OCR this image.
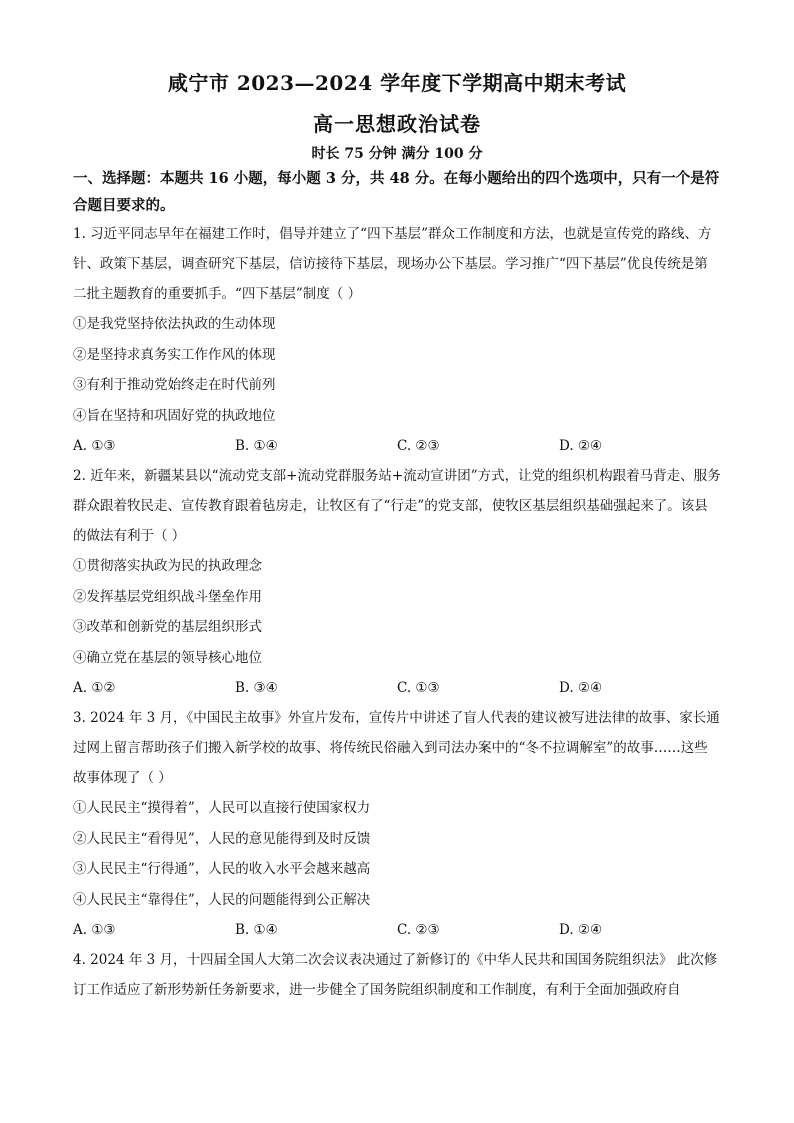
咸宁市 2023—2024 学年度下学期高中期末考试
高一思想政治试卷
时长 75 分钟 满分 100 分
一、选择题：本题共 16 小题，每小题 3 分，共 48 分。在每小题给出的四个选项中，只有一个是符合题目要求的。

1. 习近平同志早年在福建工作时，倡导并建立了“四下基层”群众工作制度和方法，也就是宣传党的路线、方针、政策下基层，调查研究下基层，信访接待下基层，现场办公下基层。学习推广“四下基层”优良传统是第二批主题教育的重要抓手。“四下基层”制度（ ）

①是我党坚持依法执政的生动体现
②是坚持求真务实工作作风的体现
③有利于推动党始终走在时代前列
④旨在坚持和巩固好党的执政地位
A. ①③	B. ①④	C. ②③	D. ②④

2. 近年来，新疆某县以“流动党支部+流动党群服务站+流动宣讲团”方式，让党的组织机构跟着马背走、服务群众跟着牧民走、宣传教育跟着毡房走，让牧区有了“行走”的党支部，使牧区基层组织基础强起来了。该县的做法有利于（ ）

①贯彻落实执政为民的执政理念
②发挥基层党组织战斗堡垒作用
③改革和创新党的基层组织形式
④确立党在基层的领导核心地位
A. ①②	B. ③④	C. ①③	D. ②④

3. 2024 年 3 月，《中国民主故事》外宣片发布，宣传片中讲述了盲人代表的建议被写进法律的故事、家长通过网上留言帮助孩子们搬入新学校的故事、将传统民俗融入到司法办案中的“冬不拉调解室”的故事……这些故事体现了（ ）

①人民民主“摸得着”，人民可以直接行使国家权力
②人民民主“看得见”，人民的意见能得到及时反馈
③人民民主“行得通”，人民的收入水平会越来越高
④人民民主“靠得住”，人民的问题能得到公正解决
A. ①③	B. ①④	C. ②③	D. ②④

4. 2024 年 3 月，十四届全国人大第二次会议表决通过了新修订的《中华人民共和国国务院组织法》 此次修订工作适应了新形势新任务新要求，进一步健全了国务院组织制度和工作制度，有利于全面加强政府自
